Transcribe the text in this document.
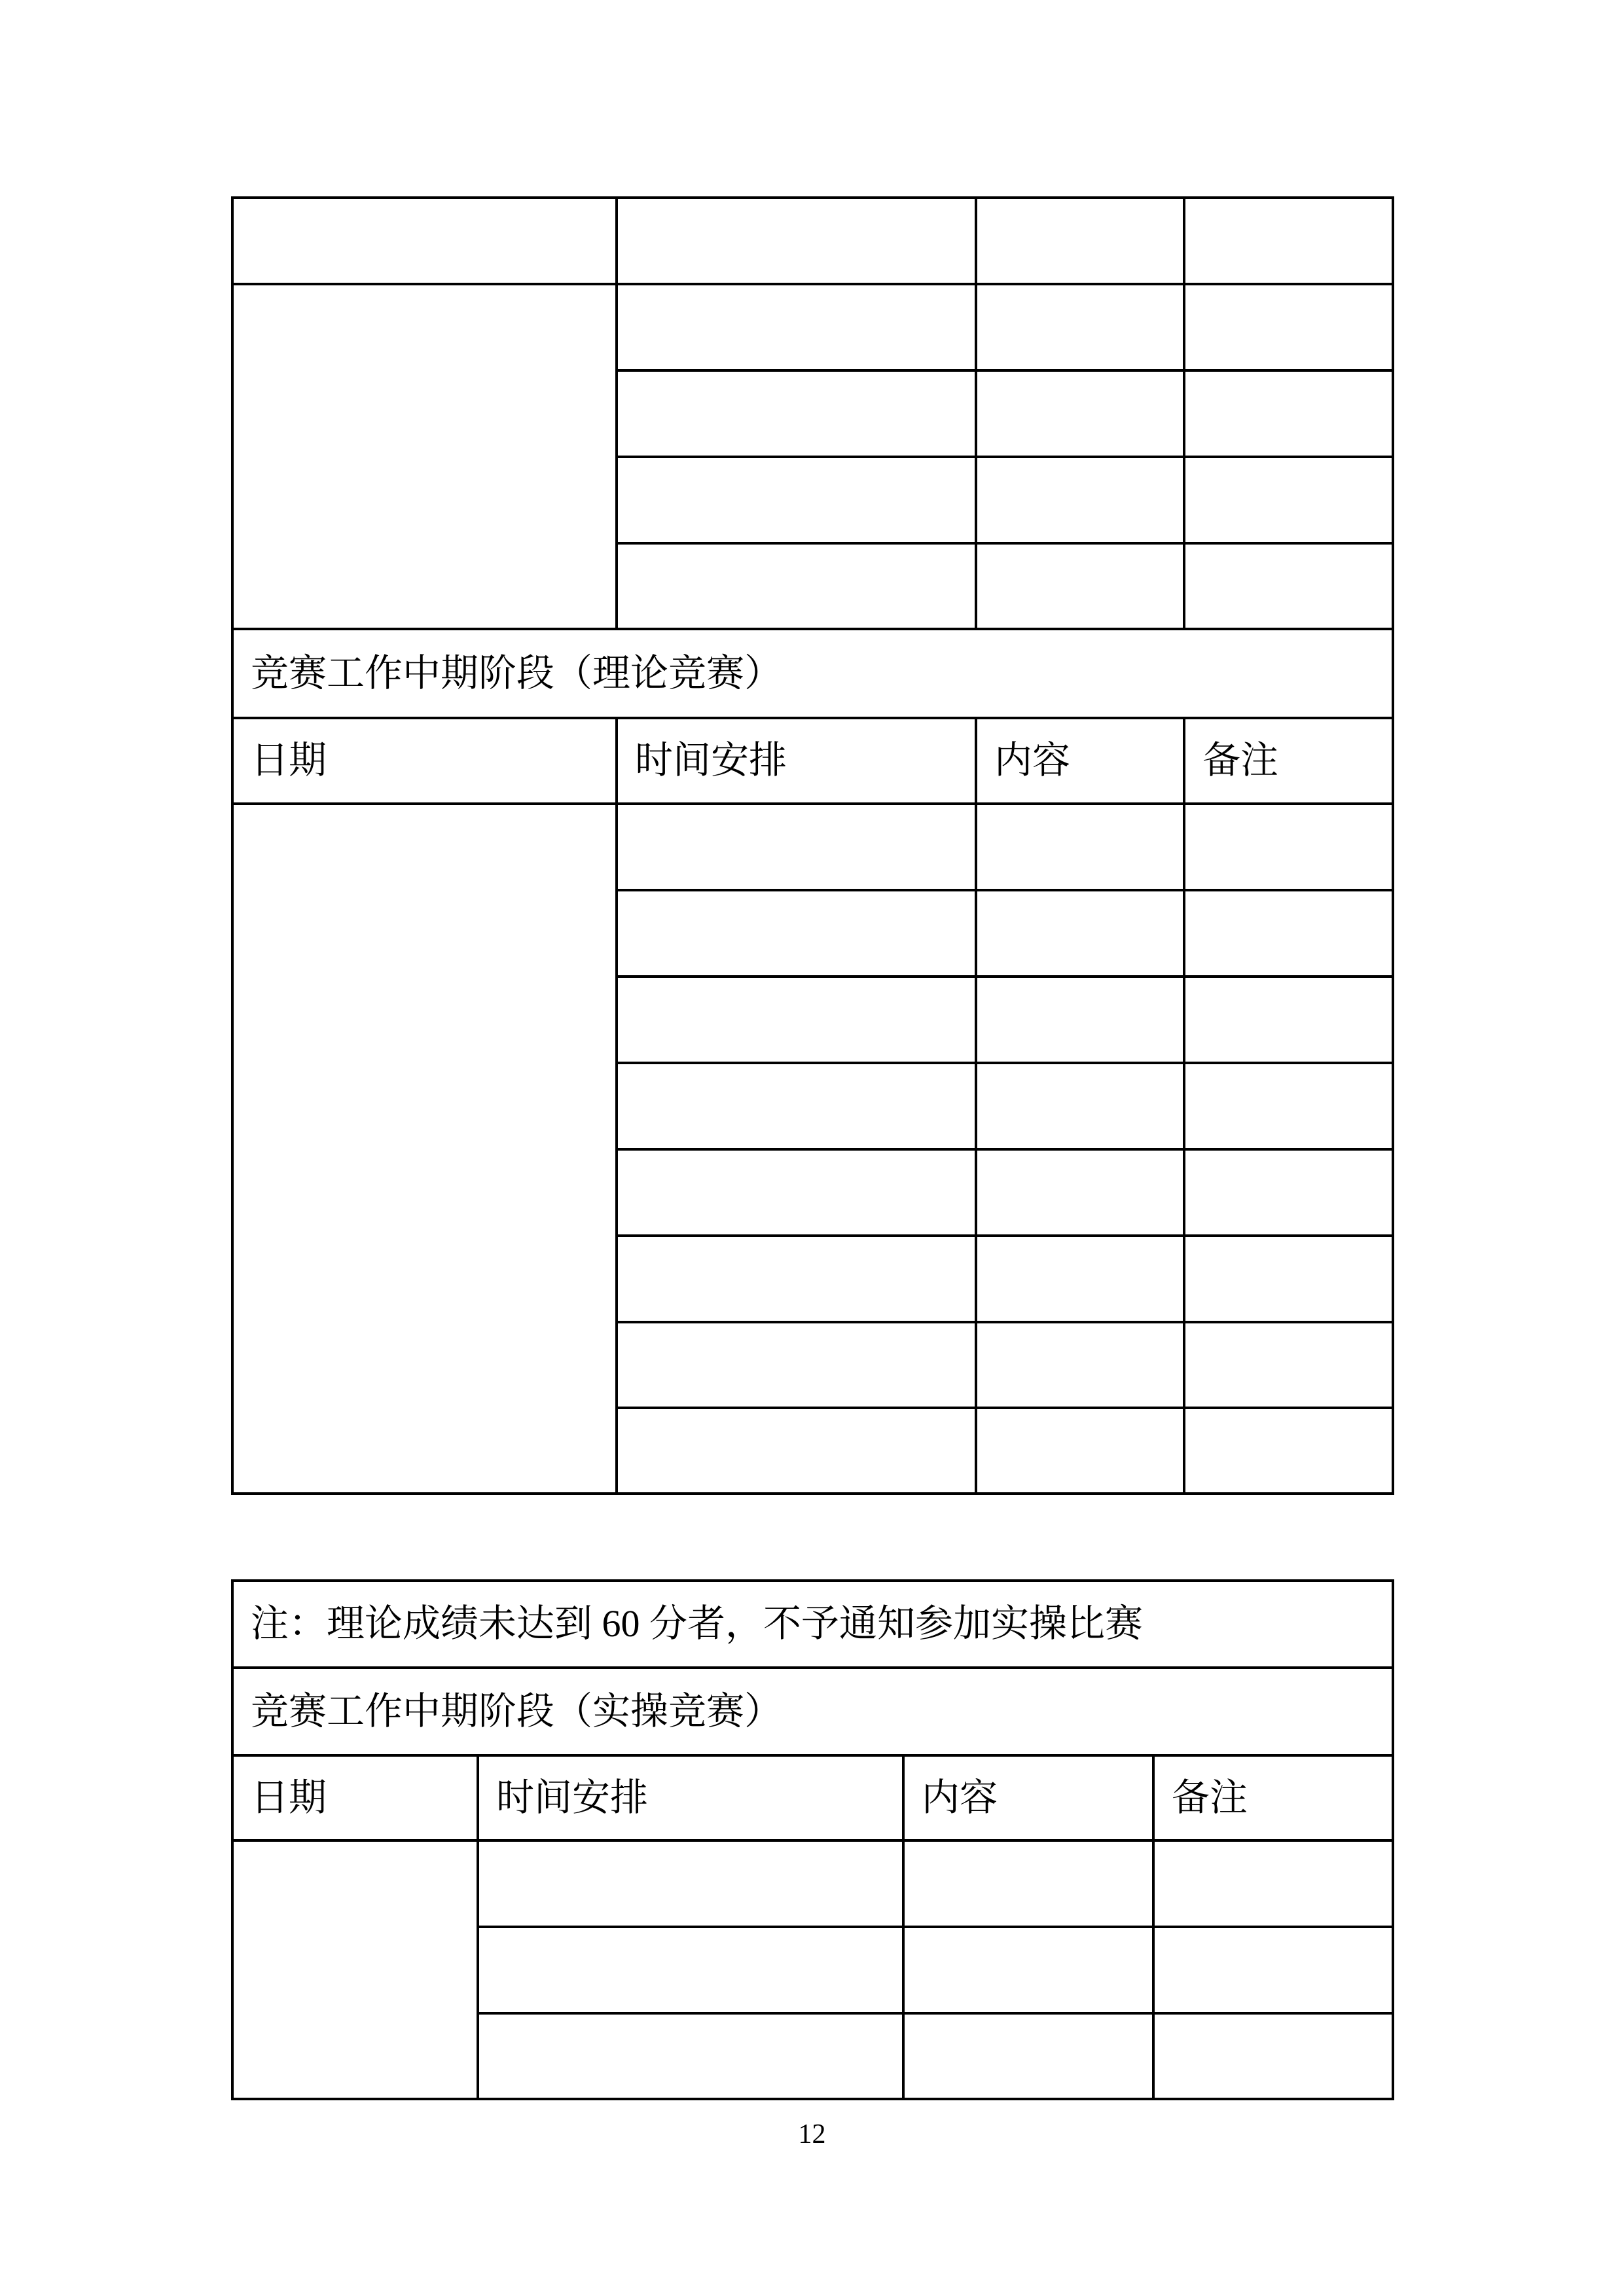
竞赛工作中期阶段（理论竞赛）			
日期	时间安排	内容	备注

注：理论成绩未达到 60 分者，不予通知参加实操比赛			
竞赛工作中期阶段（实操竞赛）			
日期	时间安排	内容	备注

12
